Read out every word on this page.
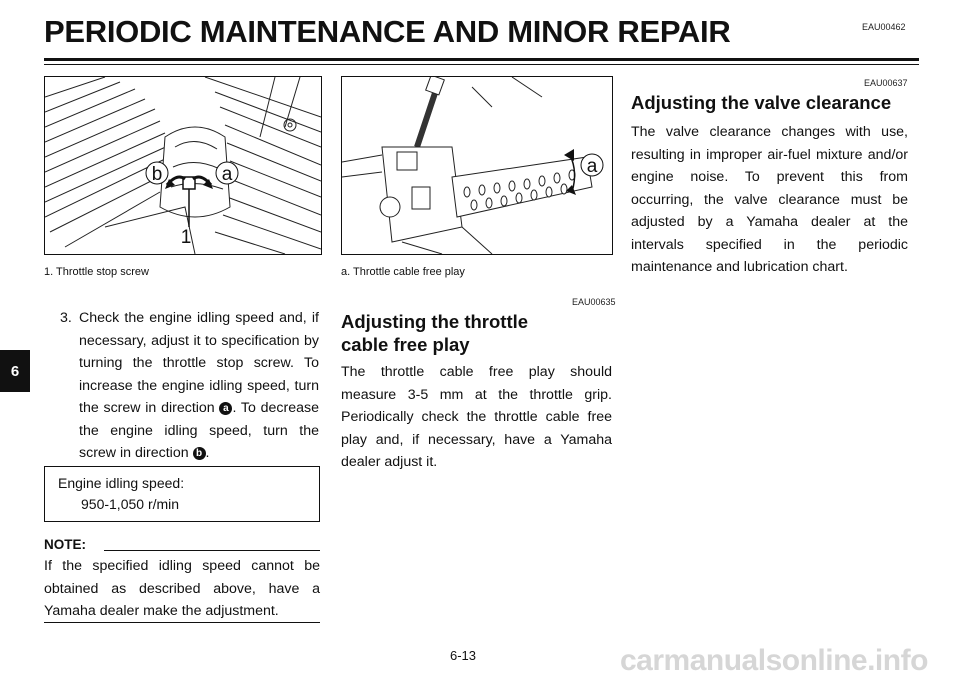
PERIODIC MAINTENANCE AND MINOR REPAIR	EAU00462
6
b	a
1
1. Throttle stop screw
a
a. Throttle cable free play
3. Check the engine idling speed and, if necessary, adjust it to specification by turning the throttle stop screw. To increase the engine idling speed, turn the screw in direction a . To decrease the engine idling speed, turn the screw in direction b .
Engine idling speed:
950-1,050 r/min
NOTE:
If the specified idling speed cannot be obtained as described above, have a Yamaha dealer make the adjustment.
EAU00635
Adjusting the throttle
cable free play
The throttle cable free play should measure 3-5 mm at the throttle grip. Periodically check the throttle cable free play and, if necessary, have a Yamaha dealer adjust it.
EAU00637
Adjusting the valve clearance
The valve clearance changes with use, resulting in improper air-fuel mixture and/or engine noise. To prevent this from occurring, the valve clearance must be adjusted by a Yamaha dealer at the intervals specified in the periodic maintenance and lubrication chart.
6-13	carmanualsonline.info
